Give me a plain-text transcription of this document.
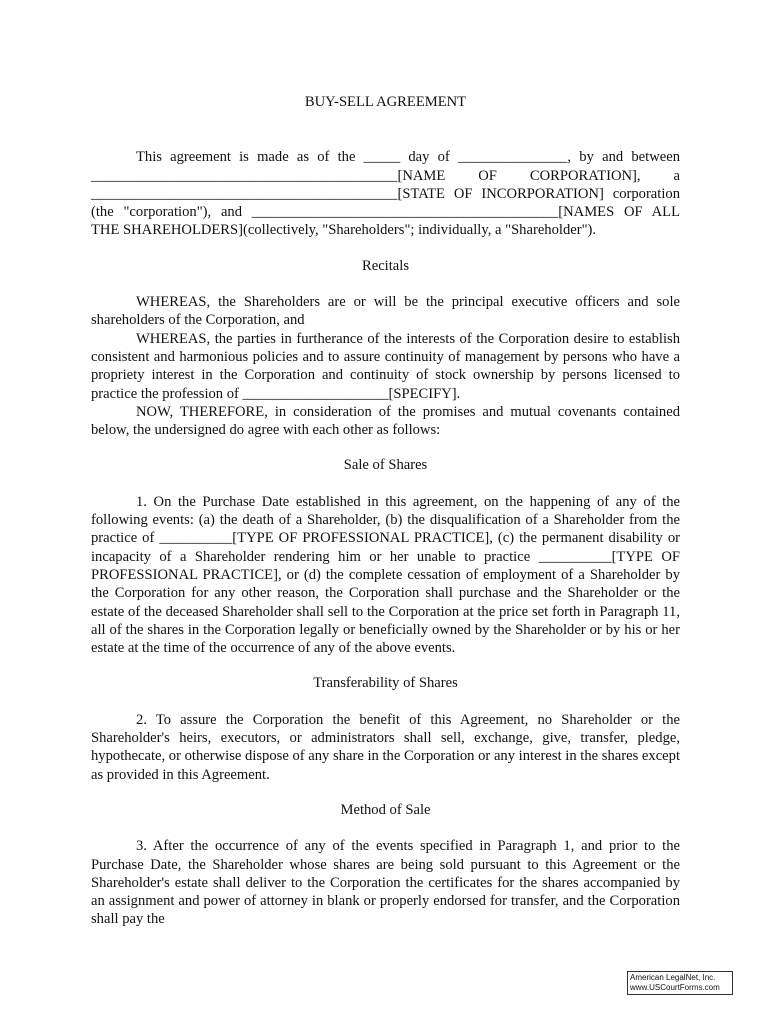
BUY-SELL AGREEMENT

This agreement is made as of the _____ day of _______________, by and between __________________________________________[NAME OF CORPORATION], a __________________________________________[STATE OF INCORPORATION] corporation (the "corporation"), and __________________________________________[NAMES OF ALL THE SHAREHOLDERS](collectively, "Shareholders"; individually, a "Shareholder").

Recitals

WHEREAS, the Shareholders are or will be the principal executive officers and sole shareholders of the Corporation, and

WHEREAS, the parties in furtherance of the interests of the Corporation desire to establish consistent and harmonious policies and to assure continuity of management by persons who have a propriety interest in the Corporation and continuity of stock ownership by persons licensed to practice the profession of ____________________[SPECIFY].

NOW, THEREFORE, in consideration of the promises and mutual covenants contained below, the undersigned do agree with each other as follows:

Sale of Shares

1. On the Purchase Date established in this agreement, on the happening of any of the following events: (a) the death of a Shareholder, (b) the disqualification of a Shareholder from the practice of __________[TYPE OF PROFESSIONAL PRACTICE], (c) the permanent disability or incapacity of a Shareholder rendering him or her unable to practice __________[TYPE OF PROFESSIONAL PRACTICE], or (d) the complete cessation of employment of a Shareholder by the Corporation for any other reason, the Corporation shall purchase and the Shareholder or the estate of the deceased Shareholder shall sell to the Corporation at the price set forth in Paragraph 11, all of the shares in the Corporation legally or beneficially owned by the Shareholder or by his or her estate at the time of the occurrence of any of the above events.

Transferability of Shares

2. To assure the Corporation the benefit of this Agreement, no Shareholder or the Shareholder's heirs, executors, or administrators shall sell, exchange, give, transfer, pledge, hypothecate, or otherwise dispose of any share in the Corporation or any interest in the shares except as provided in this Agreement.

Method of Sale

3. After the occurrence of any of the events specified in Paragraph 1, and prior to the Purchase Date, the Shareholder whose shares are being sold pursuant to this Agreement or the Shareholder's estate shall deliver to the Corporation the certificates for the shares accompanied by an assignment and power of attorney in blank or properly endorsed for transfer, and the Corporation shall pay the

American LegalNet, Inc.
www.USCourtForms.com
